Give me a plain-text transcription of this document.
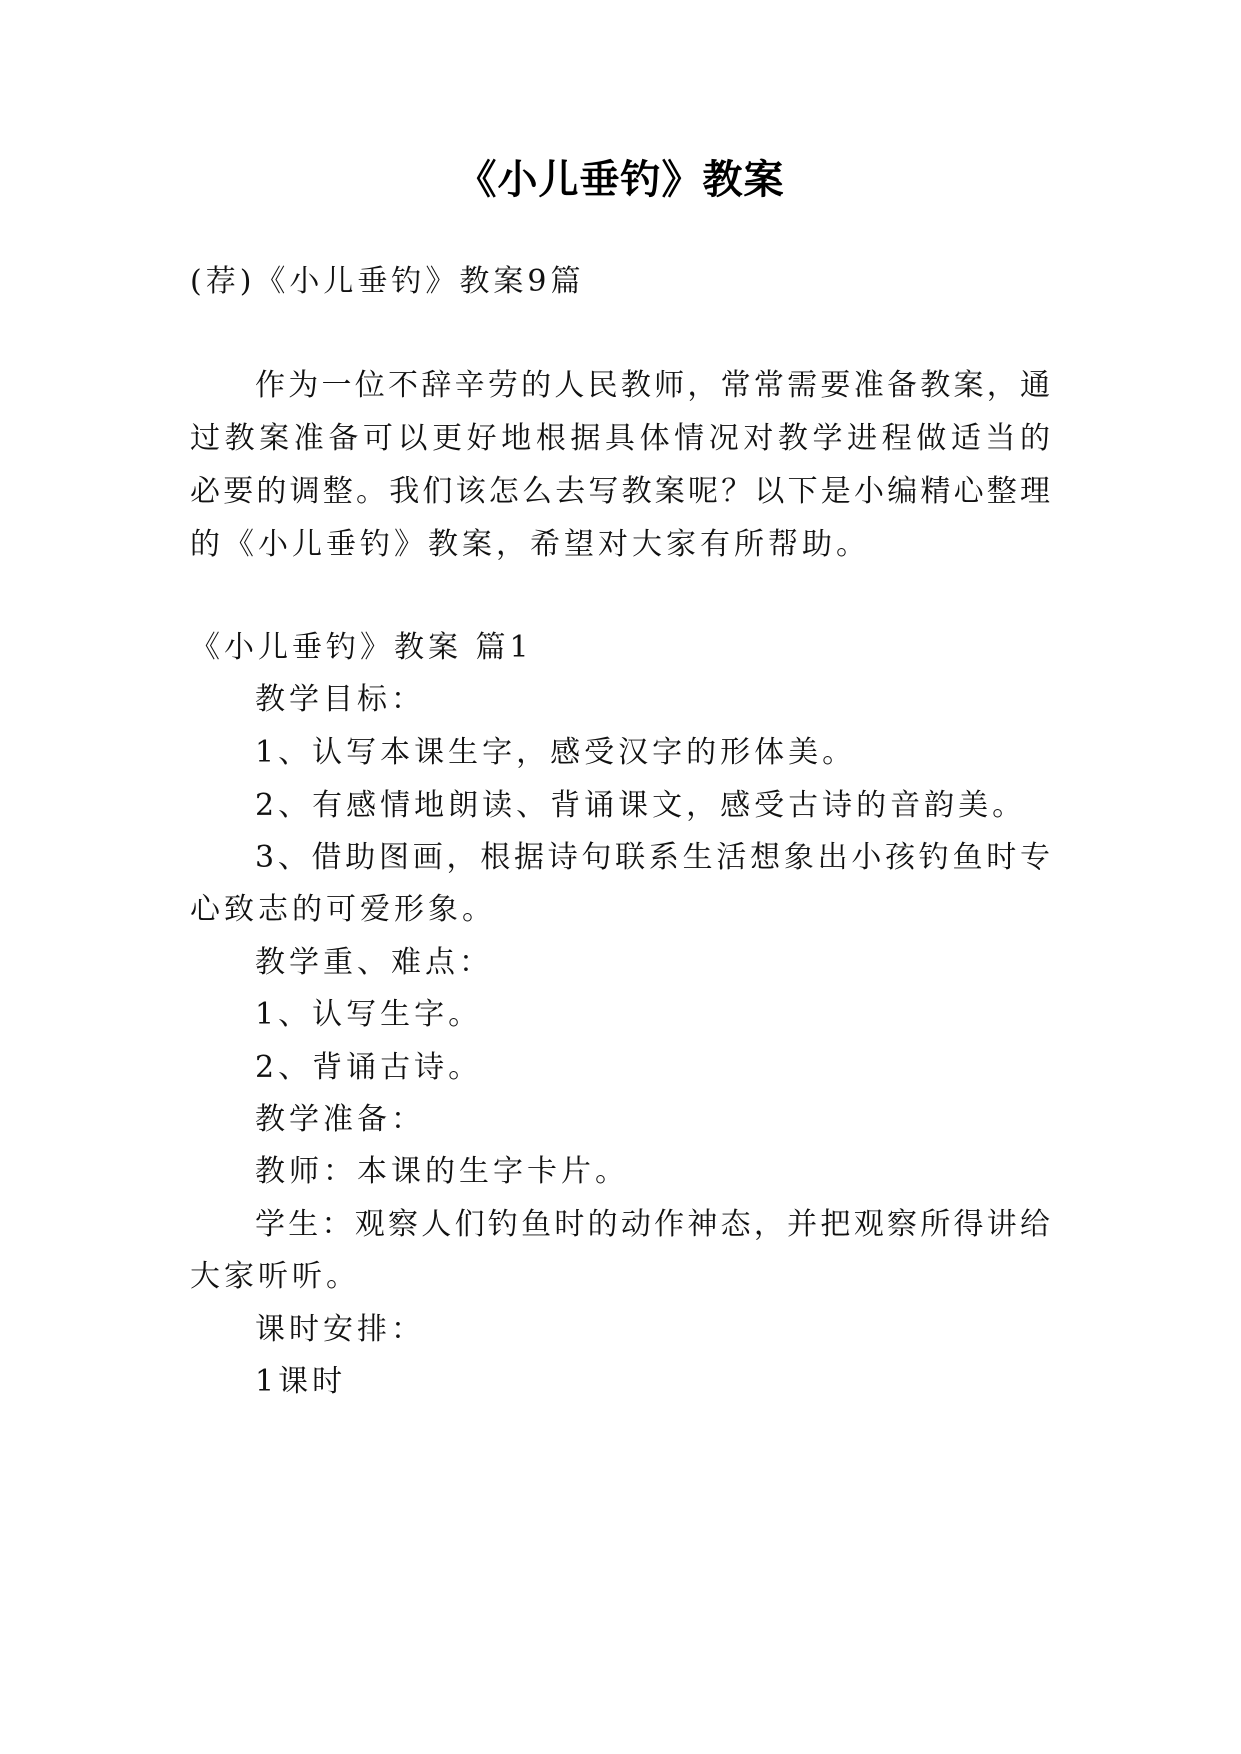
《小儿垂钓》教案
(荐)《小儿垂钓》教案9篇
作为一位不辞辛劳的人民教师，常常需要准备教案，通
过教案准备可以更好地根据具体情况对教学进程做适当的
必要的调整。我们该怎么去写教案呢？以下是小编精心整理
的《小儿垂钓》教案，希望对大家有所帮助。
《小儿垂钓》教案 篇1
教学目标：
1、认写本课生字，感受汉字的形体美。
2、有感情地朗读、背诵课文，感受古诗的音韵美。
3、借助图画，根据诗句联系生活想象出小孩钓鱼时专
心致志的可爱形象。
教学重、难点：
1、认写生字。
2、背诵古诗。
教学准备：
教师：本课的生字卡片。
学生：观察人们钓鱼时的动作神态，并把观察所得讲给
大家听听。
课时安排：
1课时
